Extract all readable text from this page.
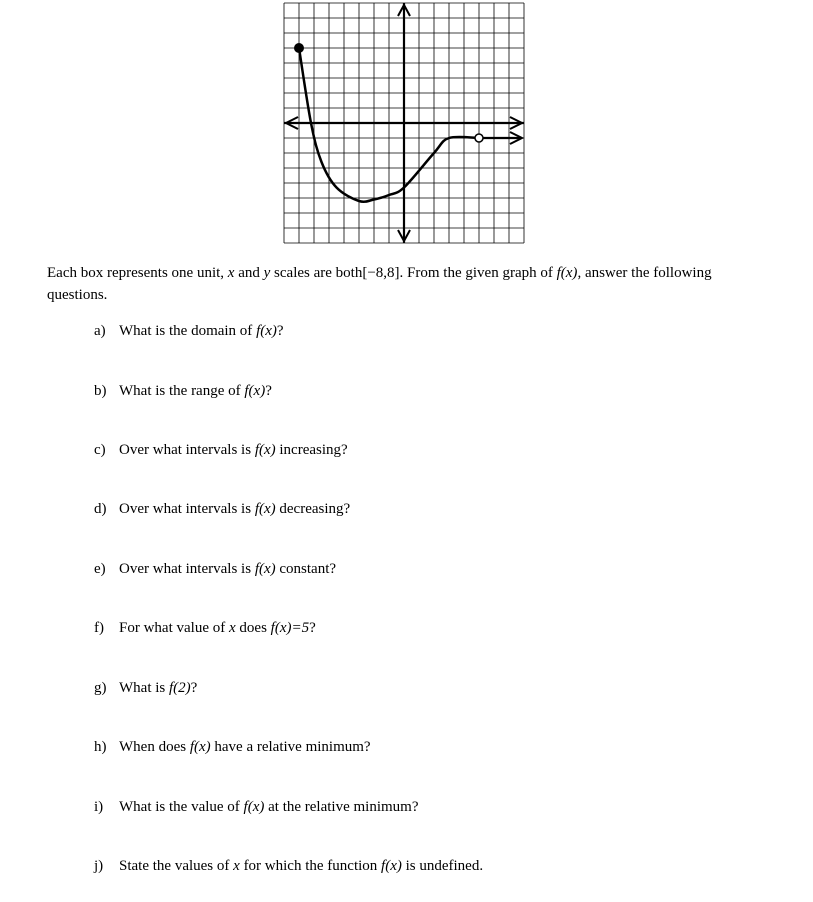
Each box represents one unit, x and y scales are both[−8,8]. From the given graph of f(x), answer the following questions.

a) What is the domain of f(x)?

b) What is the range of f(x)?

c) Over what intervals is f(x) increasing?

d) Over what intervals is f(x) decreasing?

e) Over what intervals is f(x) constant?

f) For what value of x does f(x)=5?

g) What is f(2)?

h) When does f(x) have a relative minimum?

i) What is the value of f(x) at the relative minimum?

j) State the values of x for which the function f(x) is undefined.
